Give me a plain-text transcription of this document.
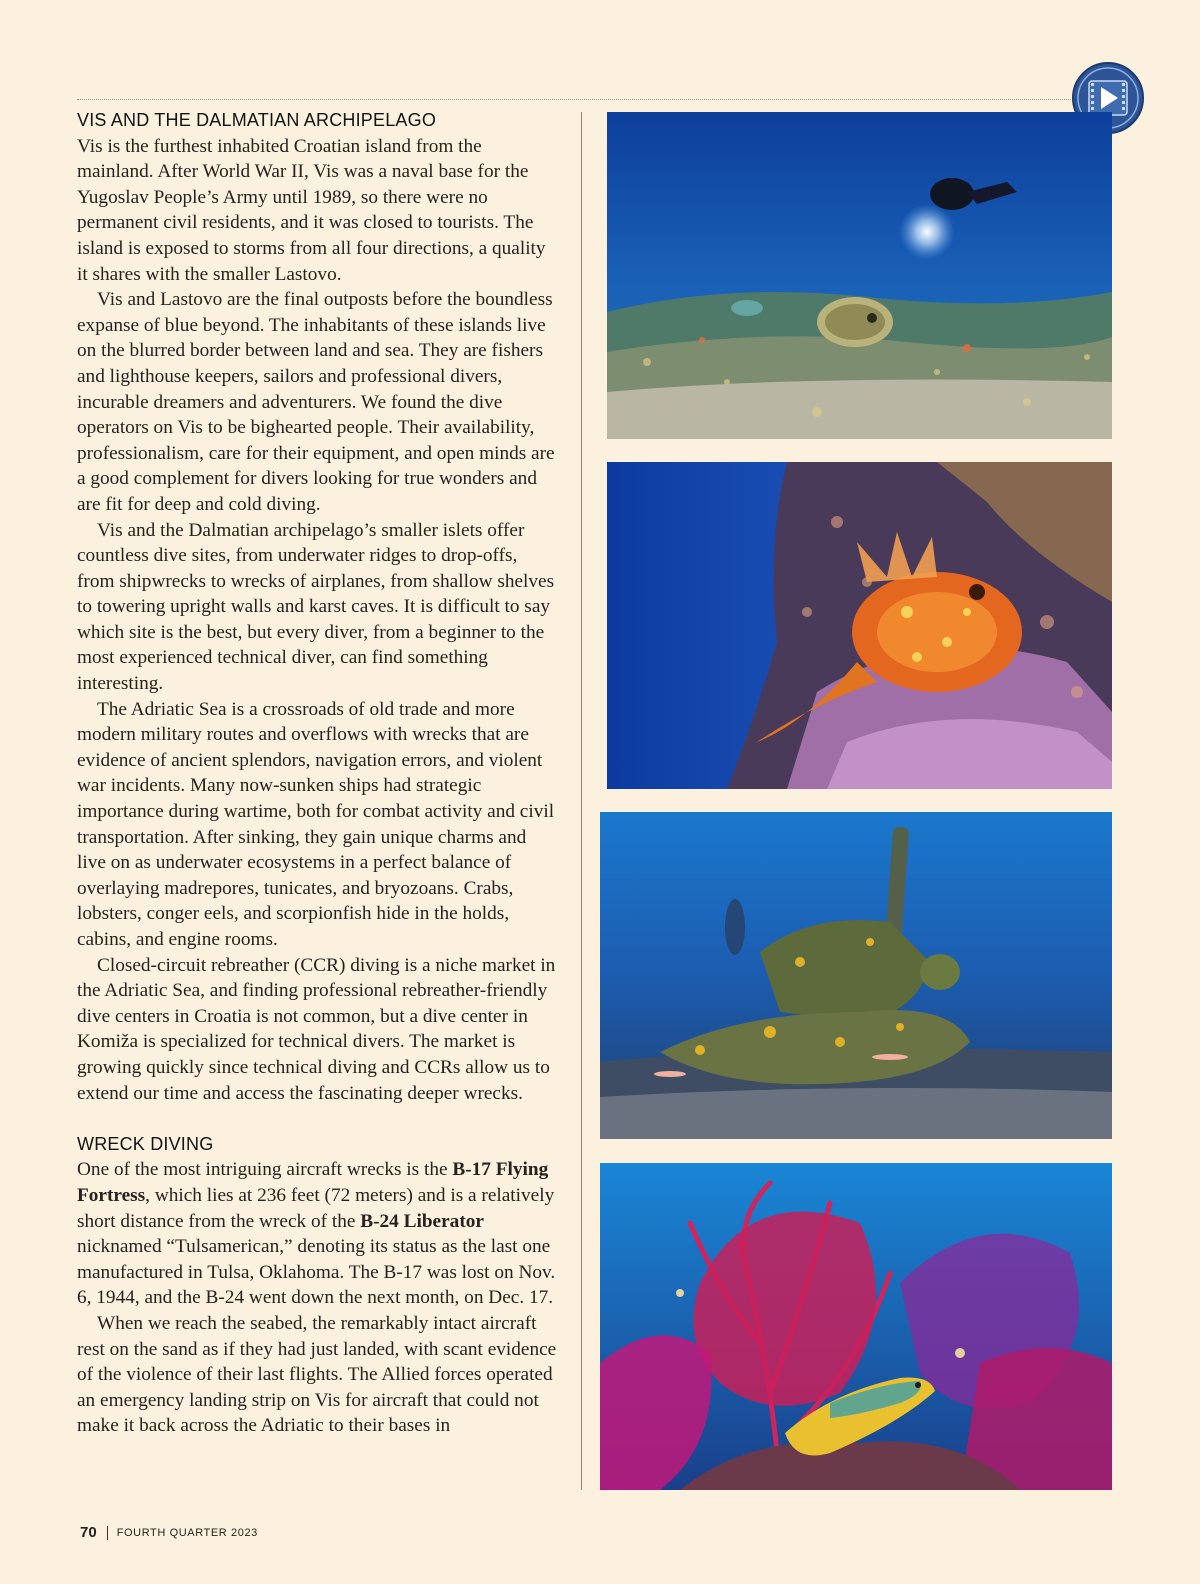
VIS AND THE DALMATIAN ARCHIPELAGO

Vis is the furthest inhabited Croatian island from the mainland. After World War II, Vis was a naval base for the Yugoslav People’s Army until 1989, so there were no permanent civil residents, and it was closed to tourists. The island is exposed to storms from all four directions, a quality it shares with the smaller Lastovo.

Vis and Lastovo are the final outposts before the boundless expanse of blue beyond. The inhabitants of these islands live on the blurred border between land and sea. They are fishers and lighthouse keepers, sailors and professional divers, incurable dreamers and adventurers. We found the dive operators on Vis to be bighearted people. Their availability, professionalism, care for their equipment, and open minds are a good complement for divers looking for true wonders and are fit for deep and cold diving.

Vis and the Dalmatian archipelago’s smaller islets offer countless dive sites, from underwater ridges to drop-offs, from shipwrecks to wrecks of airplanes, from shallow shelves to towering upright walls and karst caves. It is difficult to say which site is the best, but every diver, from a beginner to the most experienced technical diver, can find something interesting.

The Adriatic Sea is a crossroads of old trade and more modern military routes and overflows with wrecks that are evidence of ancient splendors, navigation errors, and violent war incidents. Many now-sunken ships had strategic importance during wartime, both for combat activity and civil transportation. After sinking, they gain unique charms and live on as underwater ecosystems in a perfect balance of overlaying madrepores, tunicates, and bryozoans. Crabs, lobsters, conger eels, and scorpionfish hide in the holds, cabins, and engine rooms.

Closed-circuit rebreather (CCR) diving is a niche market in the Adriatic Sea, and finding professional rebreather-friendly dive centers in Croatia is not common, but a dive center in Komiža is specialized for technical divers. The market is growing quickly since technical diving and CCRs allow us to extend our time and access the fascinating deeper wrecks.

WRECK DIVING

One of the most intriguing aircraft wrecks is the B-17 Flying Fortress, which lies at 236 feet (72 meters) and is a relatively short distance from the wreck of the B-24 Liberator nicknamed “Tulsamerican,” denoting its status as the last one manufactured in Tulsa, Oklahoma. The B-17 was lost on Nov. 6, 1944, and the B-24 went down the next month, on Dec. 17.

When we reach the seabed, the remarkably intact aircraft rest on the sand as if they had just landed, with scant evidence of the violence of their last flights. The Allied forces operated an emergency landing strip on Vis for aircraft that could not make it back across the Adriatic to their bases in

70 FOURTH QUARTER 2023
